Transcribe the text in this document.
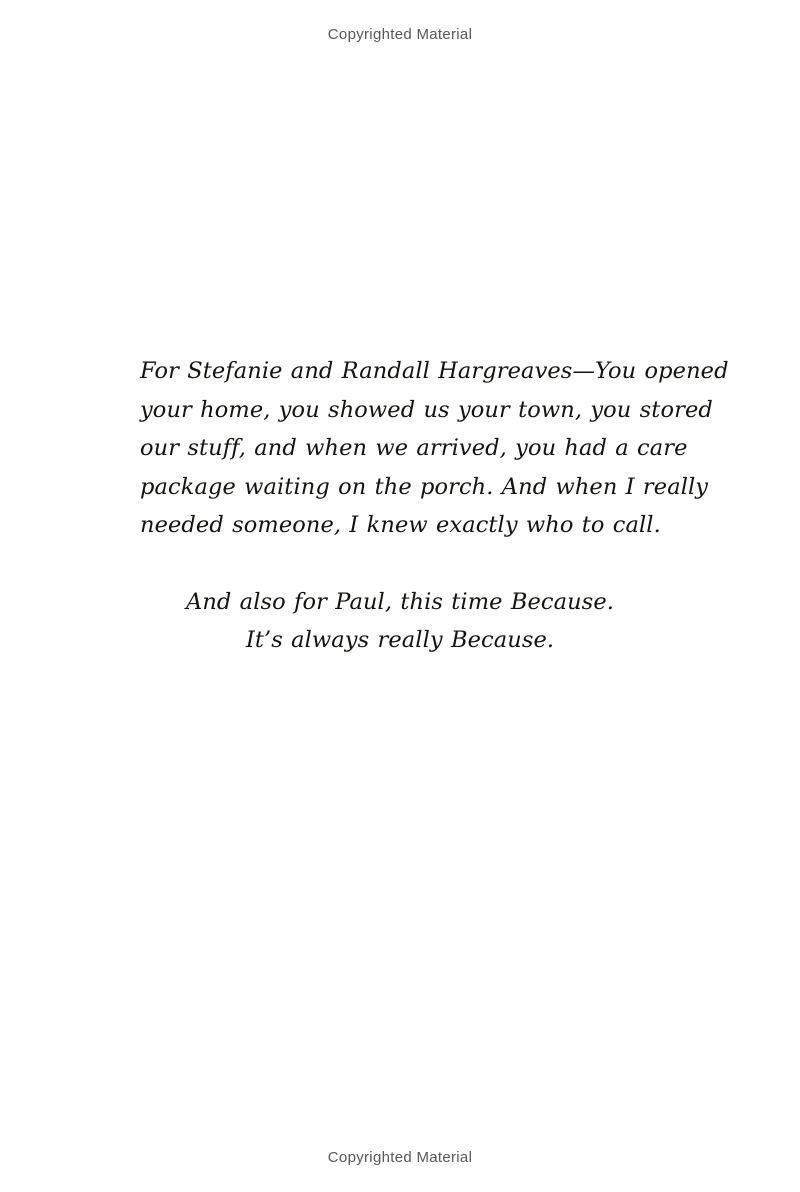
Copyrighted Material
For Stefanie and Randall Hargreaves—You opened
your home, you showed us your town, you stored
our stuff, and when we arrived, you had a care
package waiting on the porch. And when I really
needed someone, I knew exactly who to call.
And also for Paul, this time Because.
It’s always really Because.
Copyrighted Material
